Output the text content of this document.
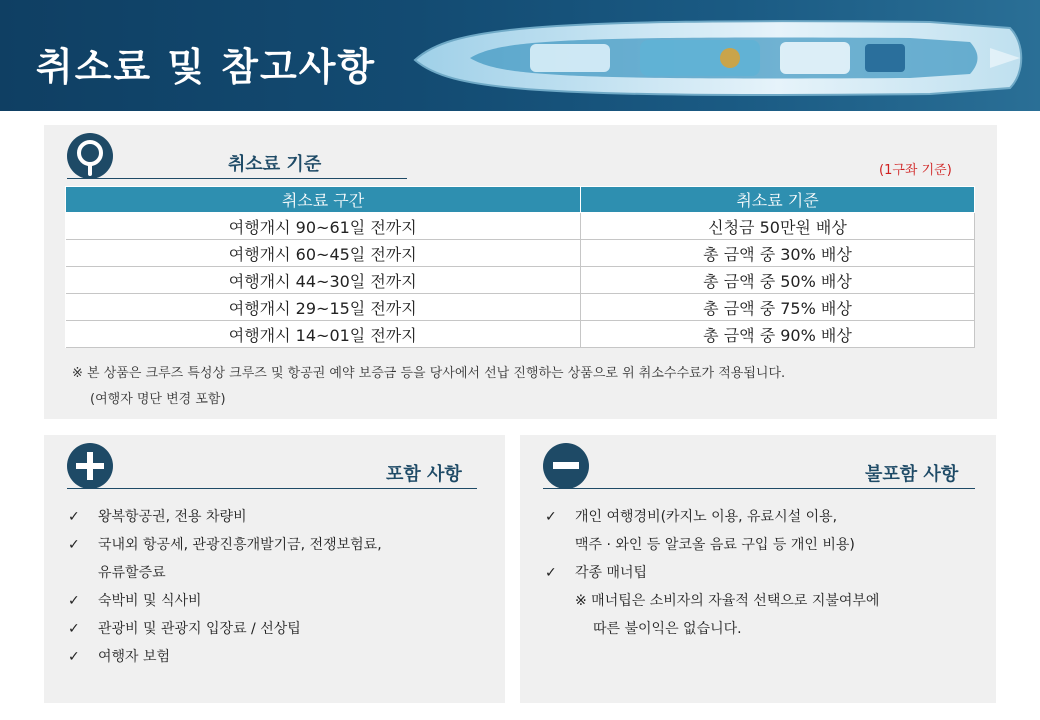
취소료 및 참고사항
취소료 기준	(1구좌 기준)
취소료 구간	취소료 기준
여행개시 90~61일 전까지	신청금 50만원 배상
여행개시 60~45일 전까지	총 금액 중 30% 배상
여행개시 44~30일 전까지	총 금액 중 50% 배상
여행개시 29~15일 전까지	총 금액 중 75% 배상
여행개시 14~01일 전까지	총 금액 중 90% 배상
※ 본 상품은 크루즈 특성상 크루즈 및 항공권 예약 보증금 등을 당사에서 선납 진행하는 상품으로 위 취소수수료가 적용됩니다.
(여행자 명단 변경 포함)
포함 사항
✓ 왕복항공권, 전용 차량비
✓ 국내외 항공세, 관광진흥개발기금, 전쟁보험료,
유류할증료
✓ 숙박비 및 식사비
✓ 관광비 및 관광지 입장료 / 선상팁
✓ 여행자 보험
불포함 사항
✓ 개인 여행경비(카지노 이용, 유료시설 이용,
맥주 · 와인 등 알코올 음료 구입 등 개인 비용)
✓ 각종 매너팁
※ 매너팁은 소비자의 자율적 선택으로 지불여부에
따른 불이익은 없습니다.
